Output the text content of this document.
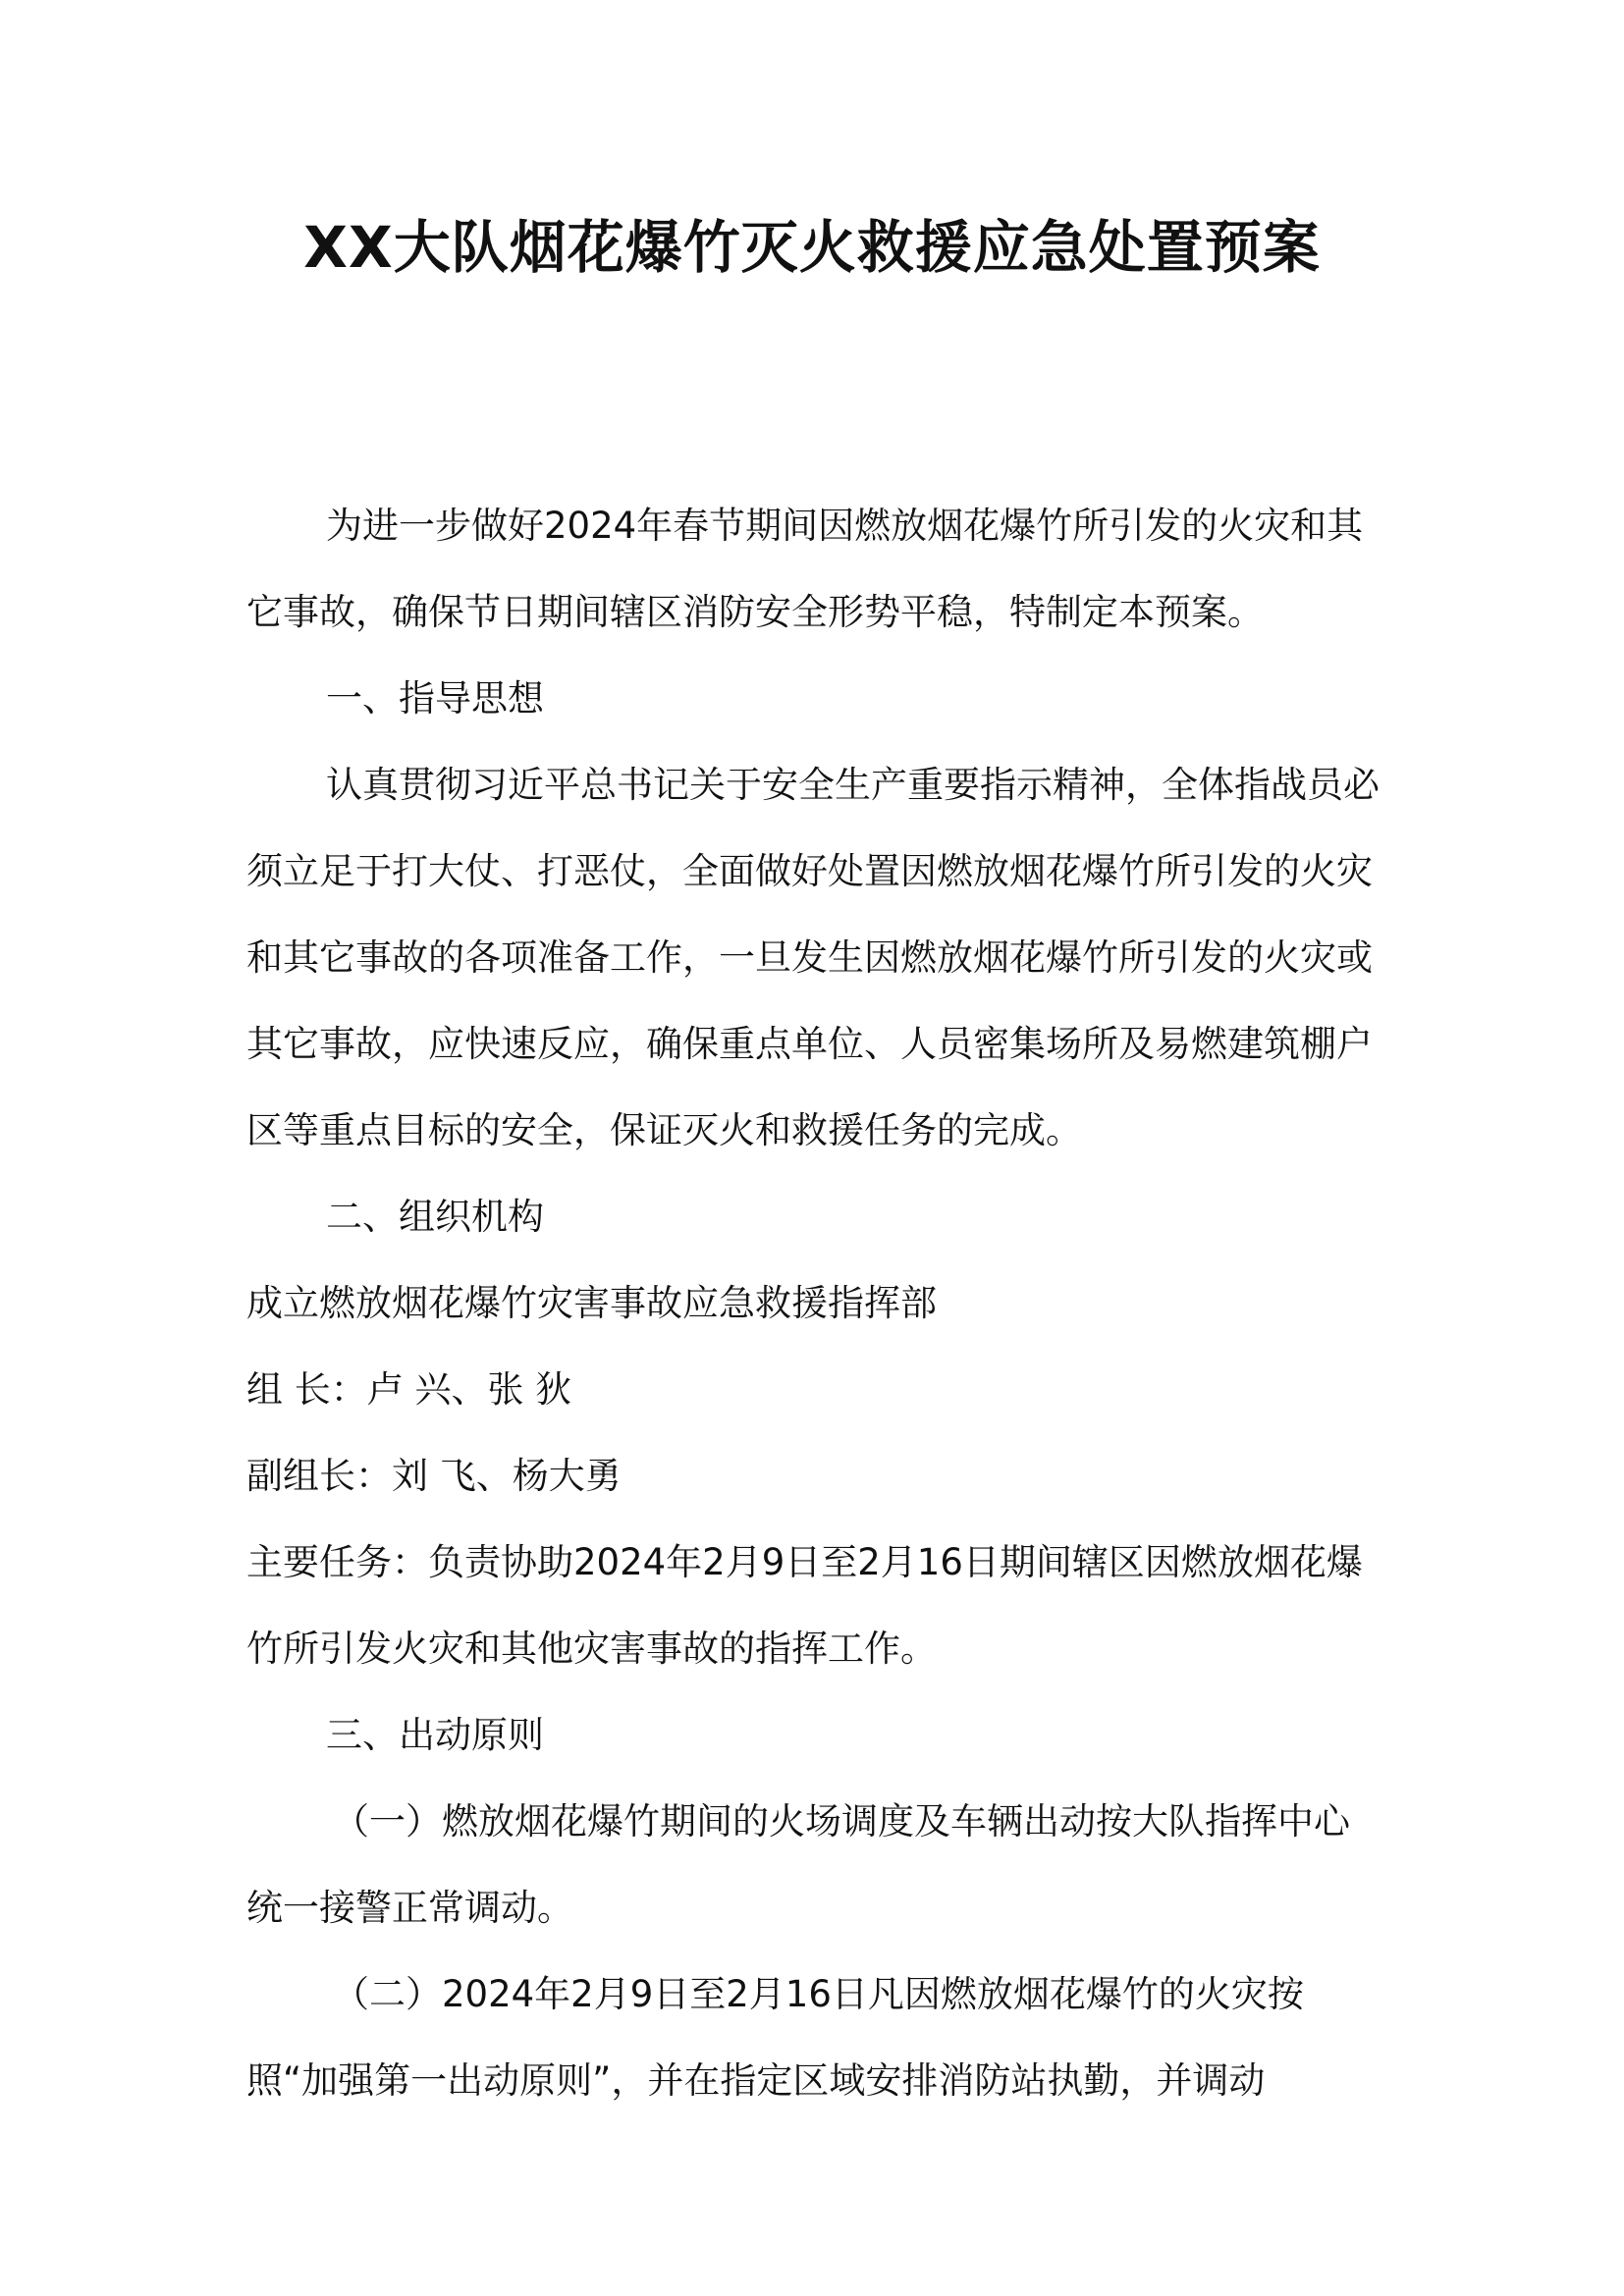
XX大队烟花爆竹灭火救援应急处置预案

为进一步做好2024年春节期间因燃放烟花爆竹所引发的火灾和其它事故，确保节日期间辖区消防安全形势平稳，特制定本预案。

一、指导思想

认真贯彻习近平总书记关于安全生产重要指示精神，全体指战员必须立足于打大仗、打恶仗，全面做好处置因燃放烟花爆竹所引发的火灾和其它事故的各项准备工作，一旦发生因燃放烟花爆竹所引发的火灾或其它事故，应快速反应，确保重点单位、人员密集场所及易燃建筑棚户区等重点目标的安全，保证灭火和救援任务的完成。

二、组织机构

成立燃放烟花爆竹灾害事故应急救援指挥部

组 长：卢 兴、张 狄

副组长：刘 飞、杨大勇

主要任务：负责协助2024年2月9日至2月16日期间辖区因燃放烟花爆竹所引发火灾和其他灾害事故的指挥工作。

三、出动原则

（一）燃放烟花爆竹期间的火场调度及车辆出动按大队指挥中心统一接警正常调动。

（二）2024年2月9日至2月16日凡因燃放烟花爆竹的火灾按照“加强第一出动原则”，并在指定区域安排消防站执勤，并调动
